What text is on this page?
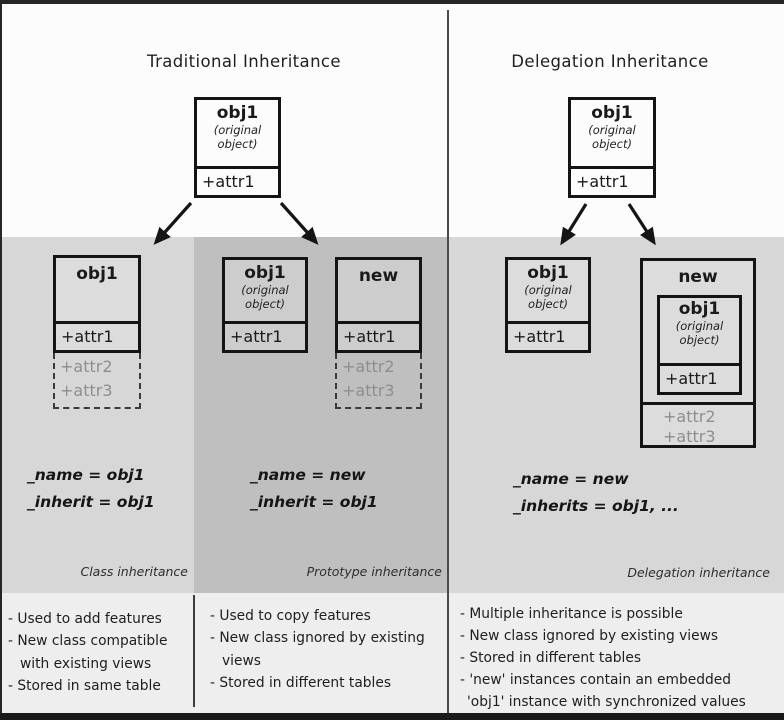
Traditional Inheritance	Delegation Inheritance
obj1
(original
object)
+attr1
obj1
(original
object)
+attr1
obj1
+attr1
+attr2
+attr3
obj1
(original
object)
+attr1
new
+attr1
+attr2
+attr3
obj1
(original
object)
+attr1
new
obj1
(original
object)
+attr1
+attr2
+attr3
_name = obj1
_inherit = obj1
_name = new
_inherit = obj1
_name = new
_inherits = obj1, ...
Class inheritance	Prototype inheritance	Delegation inheritance
- Used to add features
- New class compatible
with existing views
- Stored in same table
- Used to copy features
- New class ignored by existing
views
- Stored in different tables
- Multiple inheritance is possible
- New class ignored by existing views
- Stored in different tables
- 'new' instances contain an embedded
'obj1' instance with synchronized values
